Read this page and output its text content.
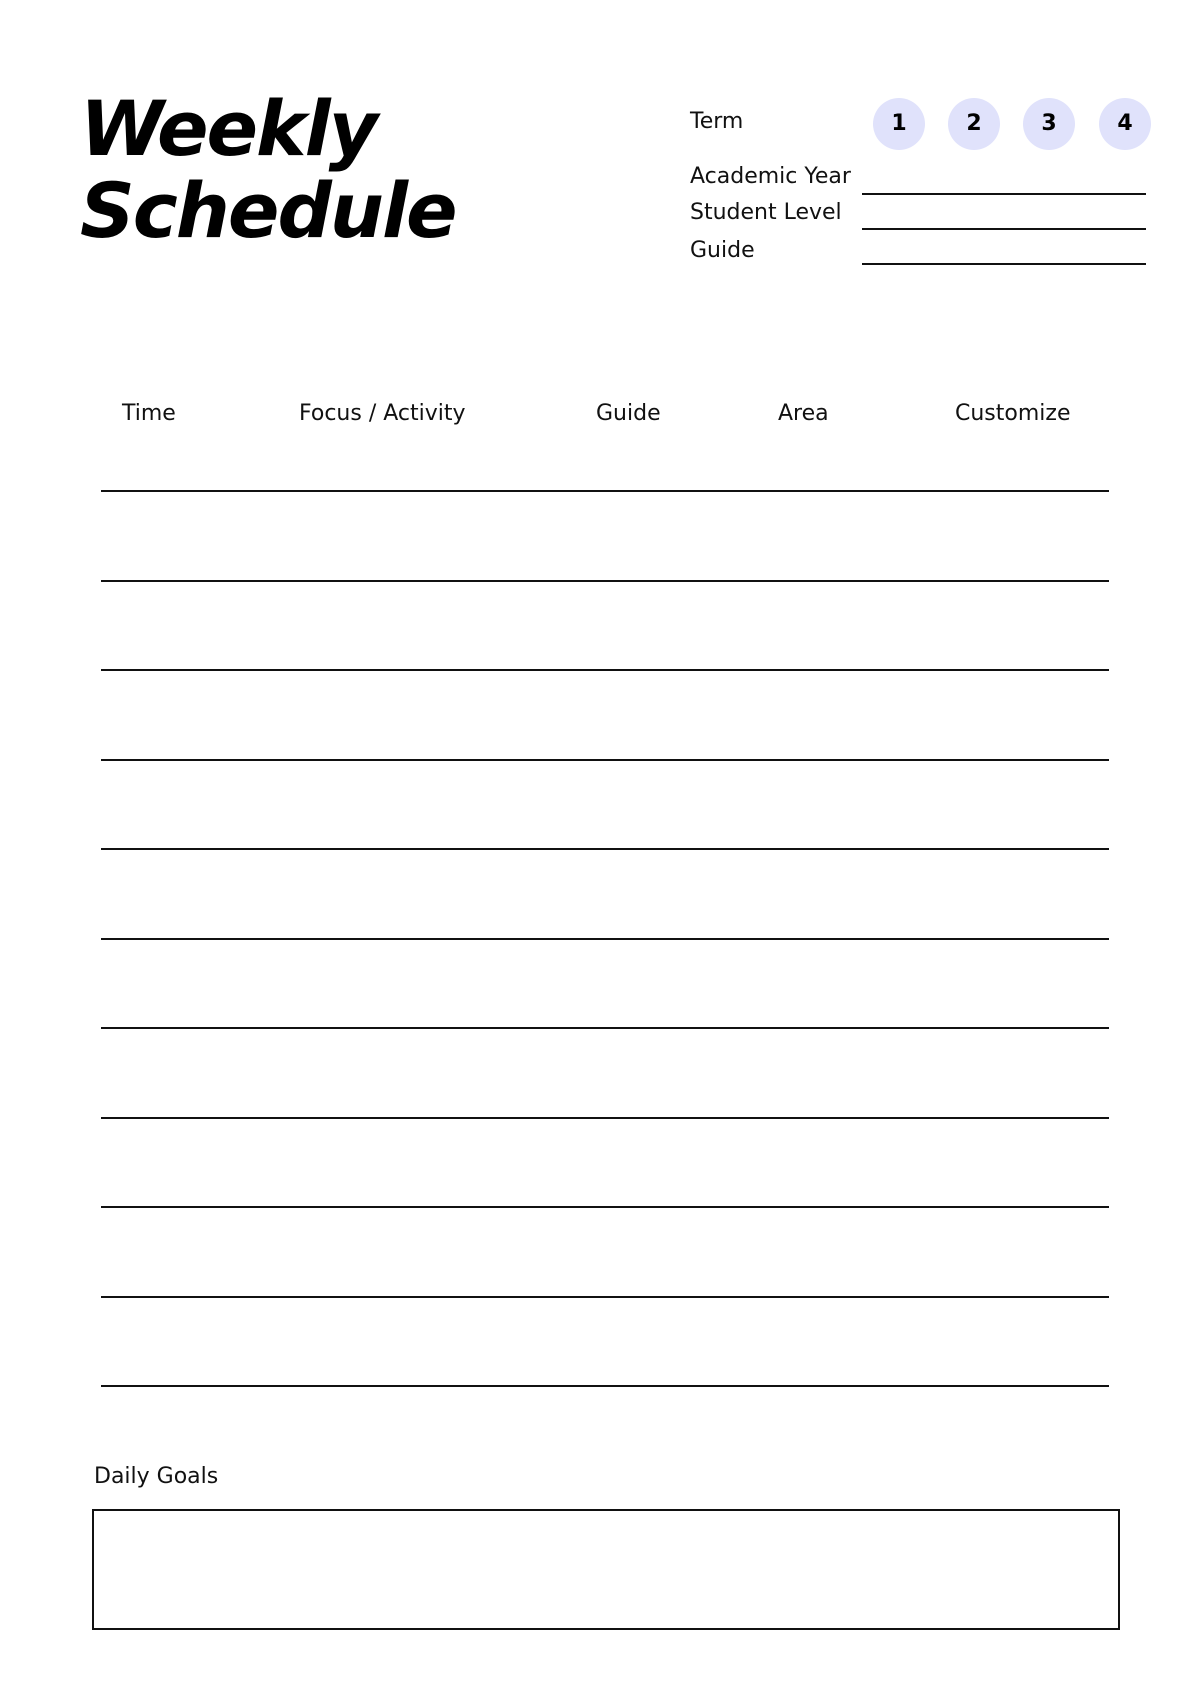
Weekly
Schedule
Term	1	2	3	4
Academic Year
Student Level
Guide
Time	Focus / Activity	Guide	Area	Customize
Daily Goals
